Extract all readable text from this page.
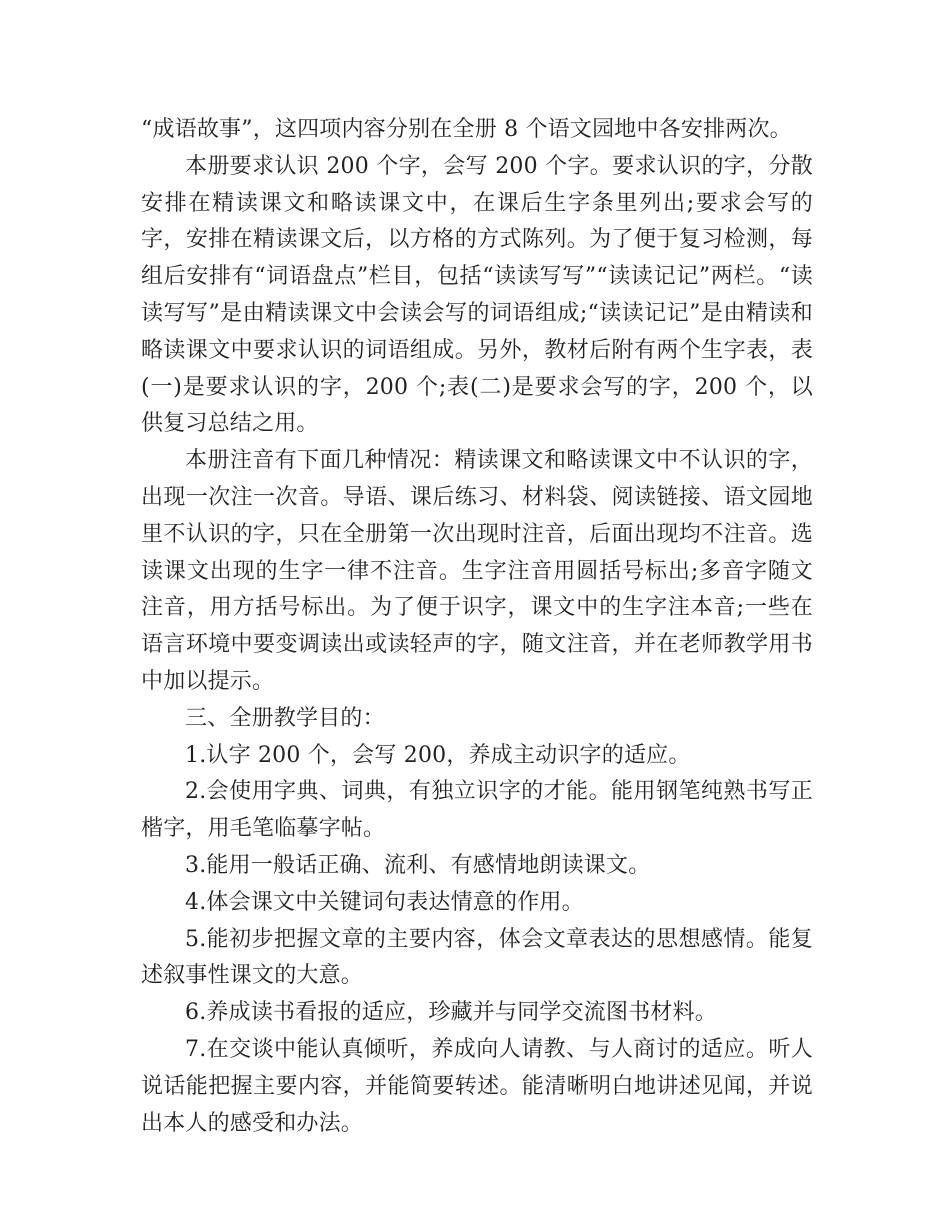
“成语故事”，这四项内容分别在全册 8 个语文园地中各安排两次。

本册要求认识 200 个字，会写 200 个字。要求认识的字，分散安排在精读课文和略读课文中，在课后生字条里列出;要求会写的字，安排在精读课文后，以方格的方式陈列。为了便于复习检测，每组后安排有“词语盘点”栏目，包括“读读写写”“读读记记”两栏。“读读写写”是由精读课文中会读会写的词语组成;“读读记记”是由精读和略读课文中要求认识的词语组成。另外，教材后附有两个生字表，表(一)是要求认识的字，200 个;表(二)是要求会写的字，200 个，以供复习总结之用。

本册注音有下面几种情况：精读课文和略读课文中不认识的字，出现一次注一次音。导语、课后练习、材料袋、阅读链接、语文园地里不认识的字，只在全册第一次出现时注音，后面出现均不注音。选读课文出现的生字一律不注音。生字注音用圆括号标出;多音字随文注音，用方括号标出。为了便于识字，课文中的生字注本音;一些在语言环境中要变调读出或读轻声的字，随文注音，并在老师教学用书中加以提示。

三、全册教学目的：

1.认字 200 个，会写 200，养成主动识字的适应。

2.会使用字典、词典，有独立识字的才能。能用钢笔纯熟书写正楷字，用毛笔临摹字帖。

3.能用一般话正确、流利、有感情地朗读课文。

4.体会课文中关键词句表达情意的作用。

5.能初步把握文章的主要内容，体会文章表达的思想感情。能复述叙事性课文的大意。

6.养成读书看报的适应，珍藏并与同学交流图书材料。

7.在交谈中能认真倾听，养成向人请教、与人商讨的适应。听人说话能把握主要内容，并能简要转述。能清晰明白地讲述见闻，并说出本人的感受和办法。
